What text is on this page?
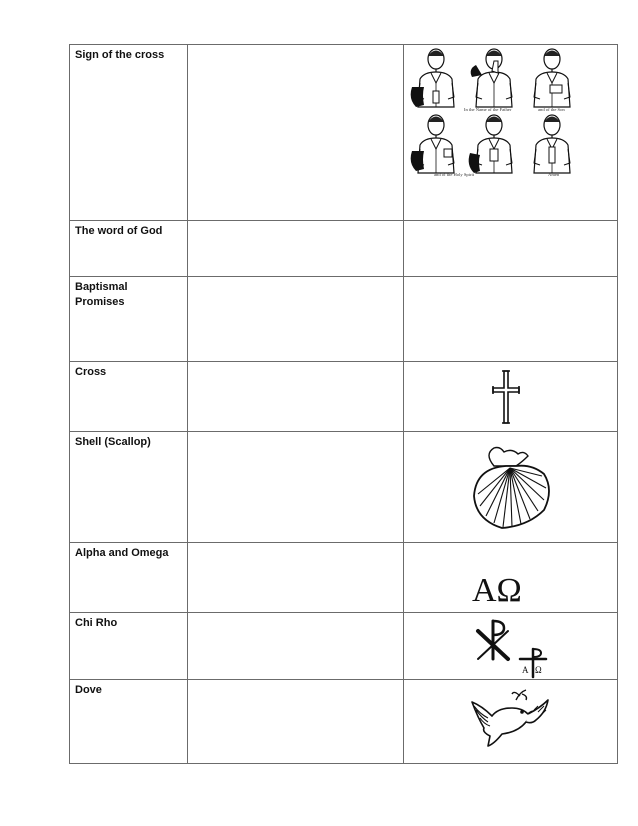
Sign of the cross		In the Name of the Father and of the Son
and of the Holy Spirit Amen

The word of God		
Baptismal Promises		
Cross		

Shell (Scallop)		

Alpha and Omega		AΩ

Chi Rho		A Ω

Dove		
